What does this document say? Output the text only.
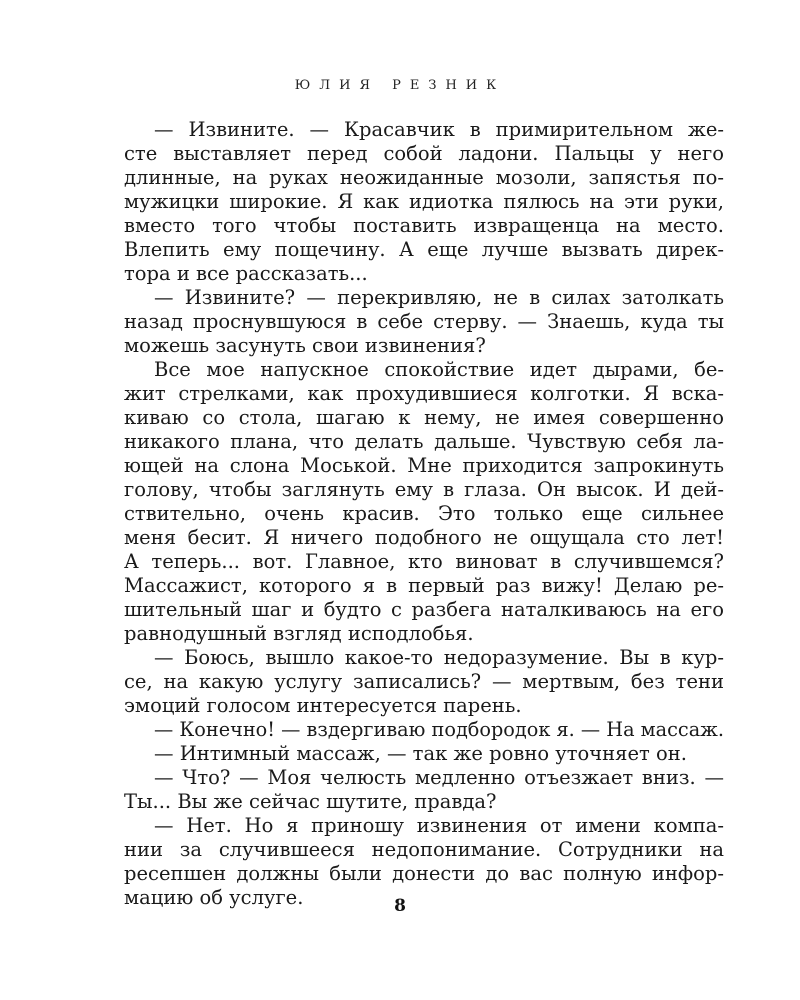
ЮЛИЯ РЕЗНИК
— Извините. — Красавчик в примирительном же-
сте выставляет перед собой ладони. Пальцы у него
длинные, на руках неожиданные мозоли, запястья по-
мужицки широкие. Я как идиотка пялюсь на эти руки,
вместо того чтобы поставить извращенца на место.
Влепить ему пощечину. А еще лучше вызвать дирек-
тора и все рассказать...
— Извините? — перекривляю, не в силах затолкать
назад проснувшуюся в себе стерву. — Знаешь, куда ты
можешь засунуть свои извинения?
Все мое напускное спокойствие идет дырами, бе-
жит стрелками, как прохудившиеся колготки. Я вска-
киваю со стола, шагаю к нему, не имея совершенно
никакого плана, что делать дальше. Чувствую себя ла-
ющей на слона Моськой. Мне приходится запрокинуть
голову, чтобы заглянуть ему в глаза. Он высок. И дей-
ствительно, очень красив. Это только еще сильнее
меня бесит. Я ничего подобного не ощущала сто лет!
А теперь... вот. Главное, кто виноват в случившемся?
Массажист, которого я в первый раз вижу! Делаю ре-
шительный шаг и будто с разбега наталкиваюсь на его
равнодушный взгляд исподлобья.
— Боюсь, вышло какое-то недоразумение. Вы в кур-
се, на какую услугу записались? — мертвым, без тени
эмоций голосом интересуется парень.
— Конечно! — вздергиваю подбородок я. — На массаж.
— Интимный массаж, — так же ровно уточняет он.
— Что? — Моя челюсть медленно отъезжает вниз. —
Ты... Вы же сейчас шутите, правда?
— Нет. Но я приношу извинения от имени компа-
нии за случившееся недопонимание. Сотрудники на
ресепшен должны были донести до вас полную инфор-
мацию об услуге.	8
